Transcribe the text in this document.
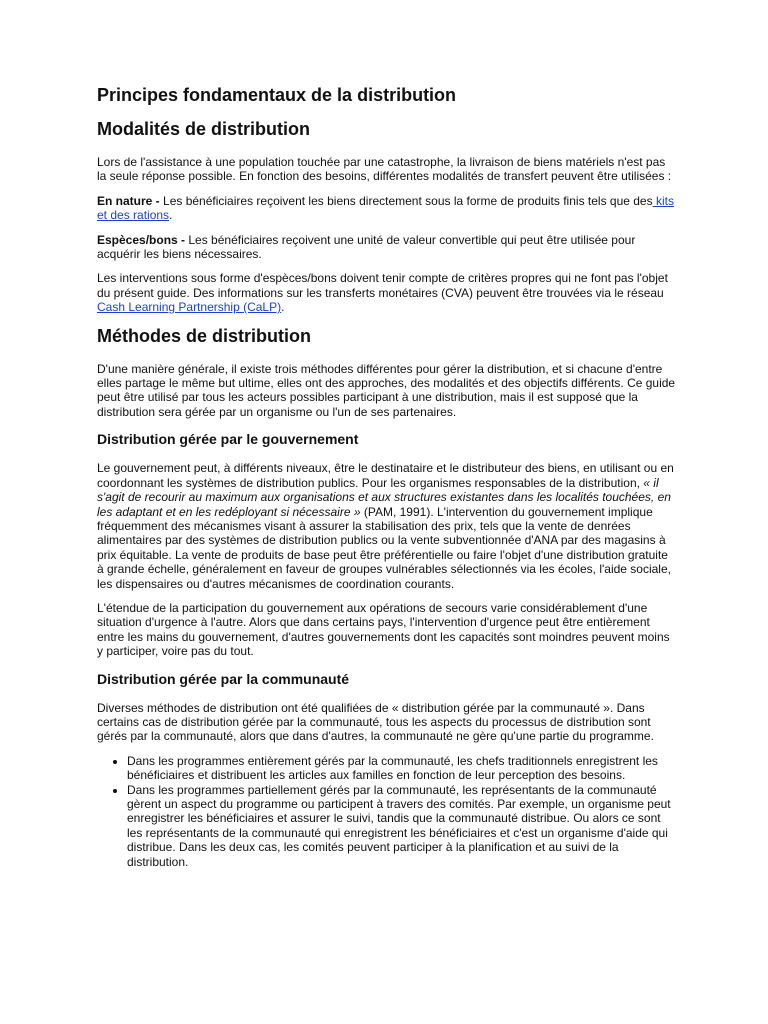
Principes fondamentaux de la distribution
Modalités de distribution

Lors de l'assistance à une population touchée par une catastrophe, la livraison de biens matériels n'est pas la seule réponse possible. En fonction des besoins, différentes modalités de transfert peuvent être utilisées :

En nature - Les bénéficiaires reçoivent les biens directement sous la forme de produits finis tels que des kits et des rations.

Espèces/bons - Les bénéficiaires reçoivent une unité de valeur convertible qui peut être utilisée pour acquérir les biens nécessaires.

Les interventions sous forme d'espèces/bons doivent tenir compte de critères propres qui ne font pas l'objet du présent guide. Des informations sur les transferts monétaires (CVA) peuvent être trouvées via le réseau Cash Learning Partnership (CaLP).

Méthodes de distribution

D'une manière générale, il existe trois méthodes différentes pour gérer la distribution, et si chacune d'entre elles partage le même but ultime, elles ont des approches, des modalités et des objectifs différents. Ce guide peut être utilisé par tous les acteurs possibles participant à une distribution, mais il est supposé que la distribution sera gérée par un organisme ou l'un de ses partenaires.

Distribution gérée par le gouvernement

Le gouvernement peut, à différents niveaux, être le destinataire et le distributeur des biens, en utilisant ou en coordonnant les systèmes de distribution publics. Pour les organismes responsables de la distribution, « il s'agit de recourir au maximum aux organisations et aux structures existantes dans les localités touchées, en les adaptant et en les redéployant si nécessaire » (PAM, 1991). L'intervention du gouvernement implique fréquemment des mécanismes visant à assurer la stabilisation des prix, tels que la vente de denrées alimentaires par des systèmes de distribution publics ou la vente subventionnée d'ANA par des magasins à prix équitable. La vente de produits de base peut être préférentielle ou faire l'objet d'une distribution gratuite à grande échelle, généralement en faveur de groupes vulnérables sélectionnés via les écoles, l'aide sociale, les dispensaires ou d'autres mécanismes de coordination courants.

L'étendue de la participation du gouvernement aux opérations de secours varie considérablement d'une situation d'urgence à l'autre. Alors que dans certains pays, l'intervention d'urgence peut être entièrement entre les mains du gouvernement, d'autres gouvernements dont les capacités sont moindres peuvent moins y participer, voire pas du tout.

Distribution gérée par la communauté

Diverses méthodes de distribution ont été qualifiées de « distribution gérée par la communauté ». Dans certains cas de distribution gérée par la communauté, tous les aspects du processus de distribution sont gérés par la communauté, alors que dans d'autres, la communauté ne gère qu'une partie du programme.

• Dans les programmes entièrement gérés par la communauté, les chefs traditionnels enregistrent les bénéficiaires et distribuent les articles aux familles en fonction de leur perception des besoins.
• Dans les programmes partiellement gérés par la communauté, les représentants de la communauté gèrent un aspect du programme ou participent à travers des comités. Par exemple, un organisme peut enregistrer les bénéficiaires et assurer le suivi, tandis que la communauté distribue. Ou alors ce sont les représentants de la communauté qui enregistrent les bénéficiaires et c'est un organisme d'aide qui distribue. Dans les deux cas, les comités peuvent participer à la planification et au suivi de la distribution.
